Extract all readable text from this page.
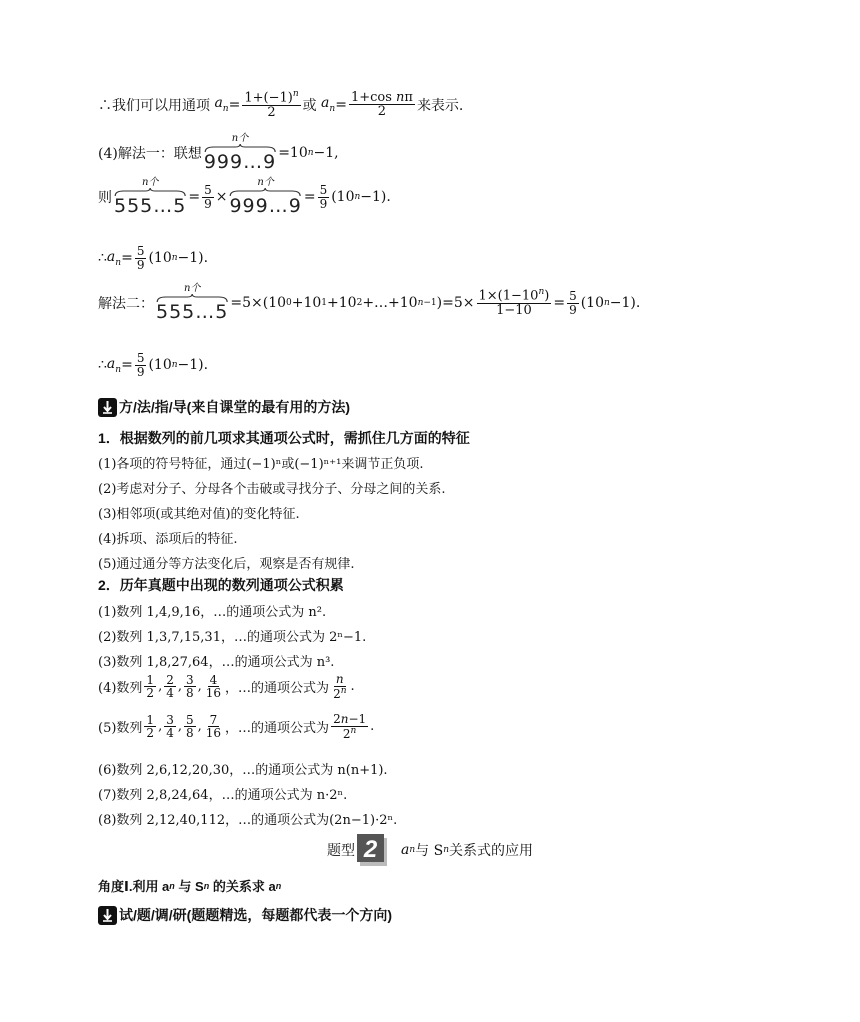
∴我们可以用通项 $a_n = \frac{1+(-1)^n}{2}$ 或 $a_n = \frac{\text{1+cos nπ}}{2}$ 来表示.
(4)解法一：联想
n个
999…9 =10 n −1,
则
n个
555…5 = $\frac{5}{9}$ ×
n个
999…9 = $\frac{5}{9} (10$ n −1).
∴ $a_n = \frac{5}{9} (10$ n −1).
解法二：
n个
555…5 =5×(10 0 +10 1 +10 2 +…+10 n−1 )$=5\times \frac{1\times(1-10^n)}{1-10} = \frac{5}{9} (10$ n −1).
∴ $a_n = \frac{5}{9} (10$ n −1).
方/法/指/导(来自课堂的最有用的方法)
1．根据数列的前几项求其通项公式时，需抓住几方面的特征
(1)各项的符号特征，通过(−1)ⁿ或(−1)ⁿ⁺¹来调节正负项.
(2)考虑对分子、分母各个击破或寻找分子、分母之间的关系.
(3)相邻项(或其绝对值)的变化特征.
(4)拆项、添项后的特征.
(5)通过通分等方法变化后，观察是否有规律.
2．历年真题中出现的数列通项公式积累
(1)数列 1,4,9,16，…的通项公式为 n².
(2)数列 1,3,7,15,31，…的通项公式为 2ⁿ−1.
(3)数列 1,8,27,64，…的通项公式为 n³.
(4)数列 $\frac{1}{2}$ , $\frac{2}{4}$ , $\frac{3}{8}$ , $\frac{4}{16}$ ，…的通项公式为 $\frac{n}{2^n}$ .
(5)数列 $\frac{1}{2}$ , $\frac{3}{4}$ , $\frac{5}{8}$ , $\frac{7}{16}$ ，…的通项公式为 $\frac{2n-1}{2^n}$ .
(6)数列 2,6,12,20,30，…的通项公式为 n(n+1).
(7)数列 2,8,24,64，…的通项公式为 n·2ⁿ.
(8)数列 2,12,40,112，…的通项公式为(2n−1)·2ⁿ.
题型 2 a n 与 S n 关系式的应用
角度Ⅰ.利用 a n
与 S n
的关系求 a n
试/题/调/研(题题精选，每题都代表一个方向)
